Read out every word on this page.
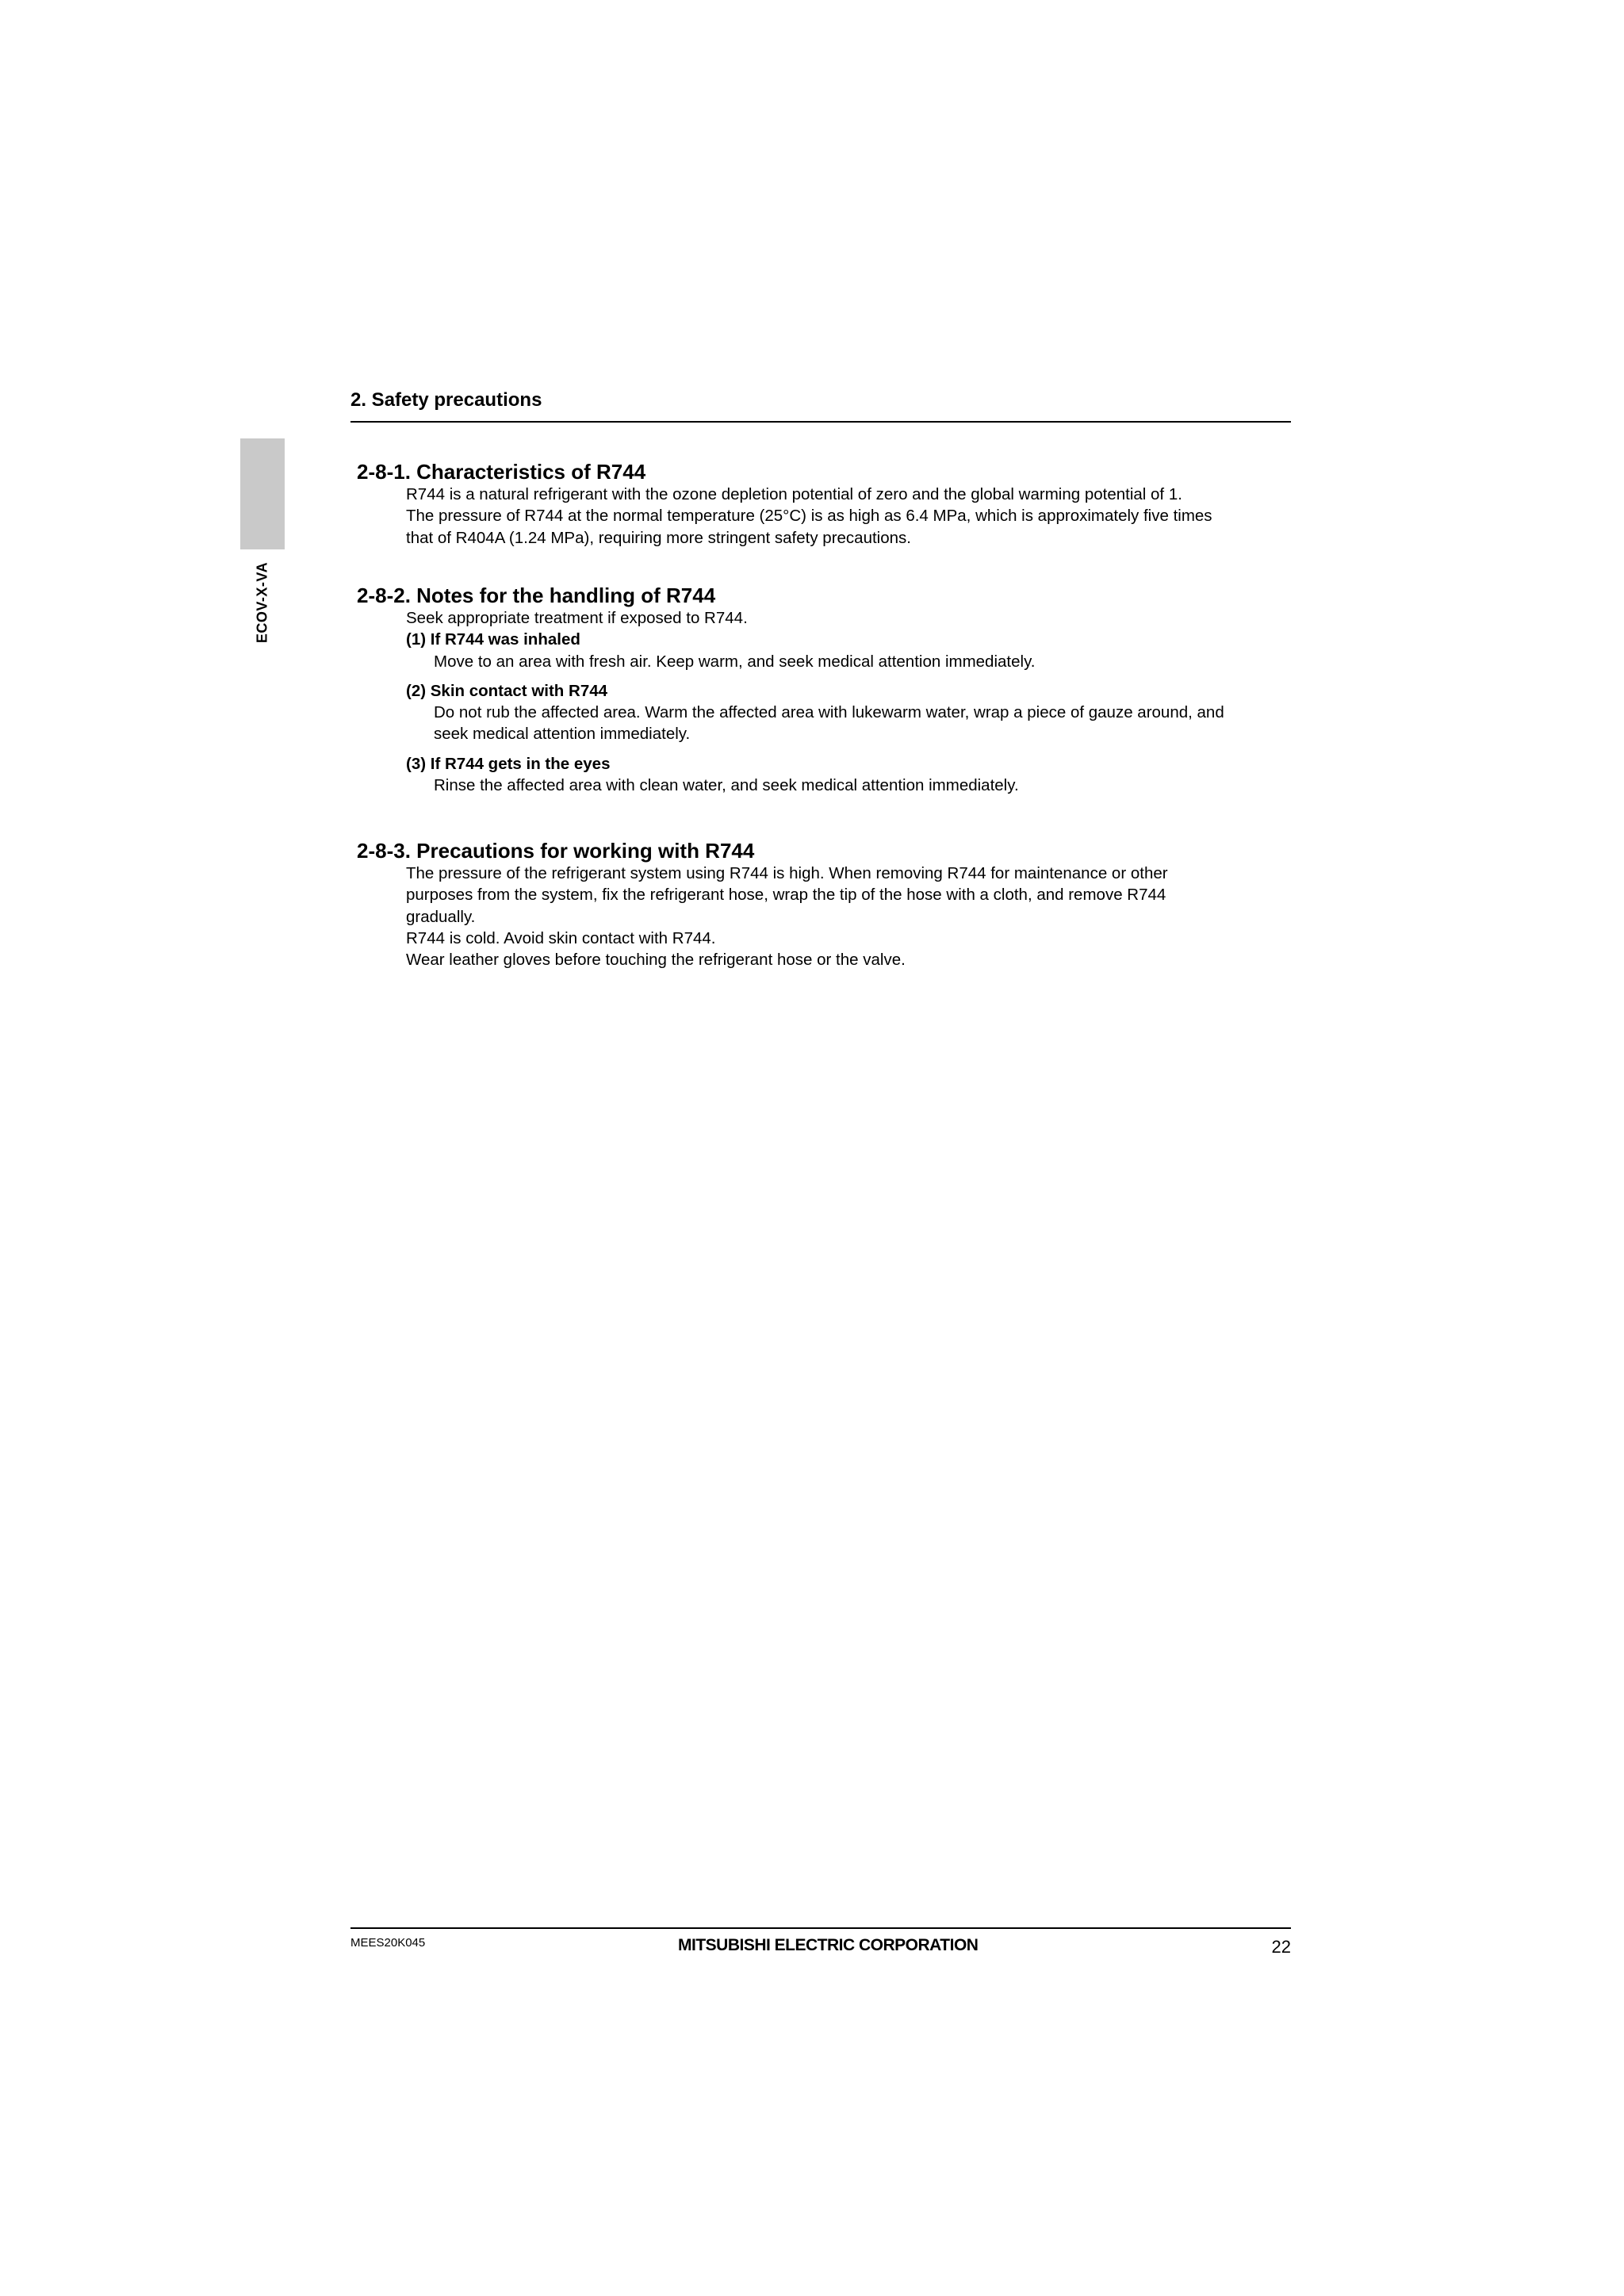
2. Safety precautions
ECOV-X-VA
2-8-1. Characteristics of R744

R744 is a natural refrigerant with the ozone depletion potential of zero and the global warming potential of 1.

The pressure of R744 at the normal temperature (25°C) is as high as 6.4 MPa, which is approximately five times

that of R404A (1.24 MPa), requiring more stringent safety precautions.

2-8-2. Notes for the handling of R744

Seek appropriate treatment if exposed to R744.

(1) If R744 was inhaled

Move to an area with fresh air. Keep warm, and seek medical attention immediately.

(2) Skin contact with R744

Do not rub the affected area. Warm the affected area with lukewarm water, wrap a piece of gauze around, and

seek medical attention immediately.

(3) If R744 gets in the eyes

Rinse the affected area with clean water, and seek medical attention immediately.

2-8-3. Precautions for working with R744

The pressure of the refrigerant system using R744 is high. When removing R744 for maintenance or other

purposes from the system, fix the refrigerant hose, wrap the tip of the hose with a cloth, and remove R744

gradually.

R744 is cold. Avoid skin contact with R744.

Wear leather gloves before touching the refrigerant hose or the valve.

MEES20K045	MITSUBISHI ELECTRIC CORPORATION	22
